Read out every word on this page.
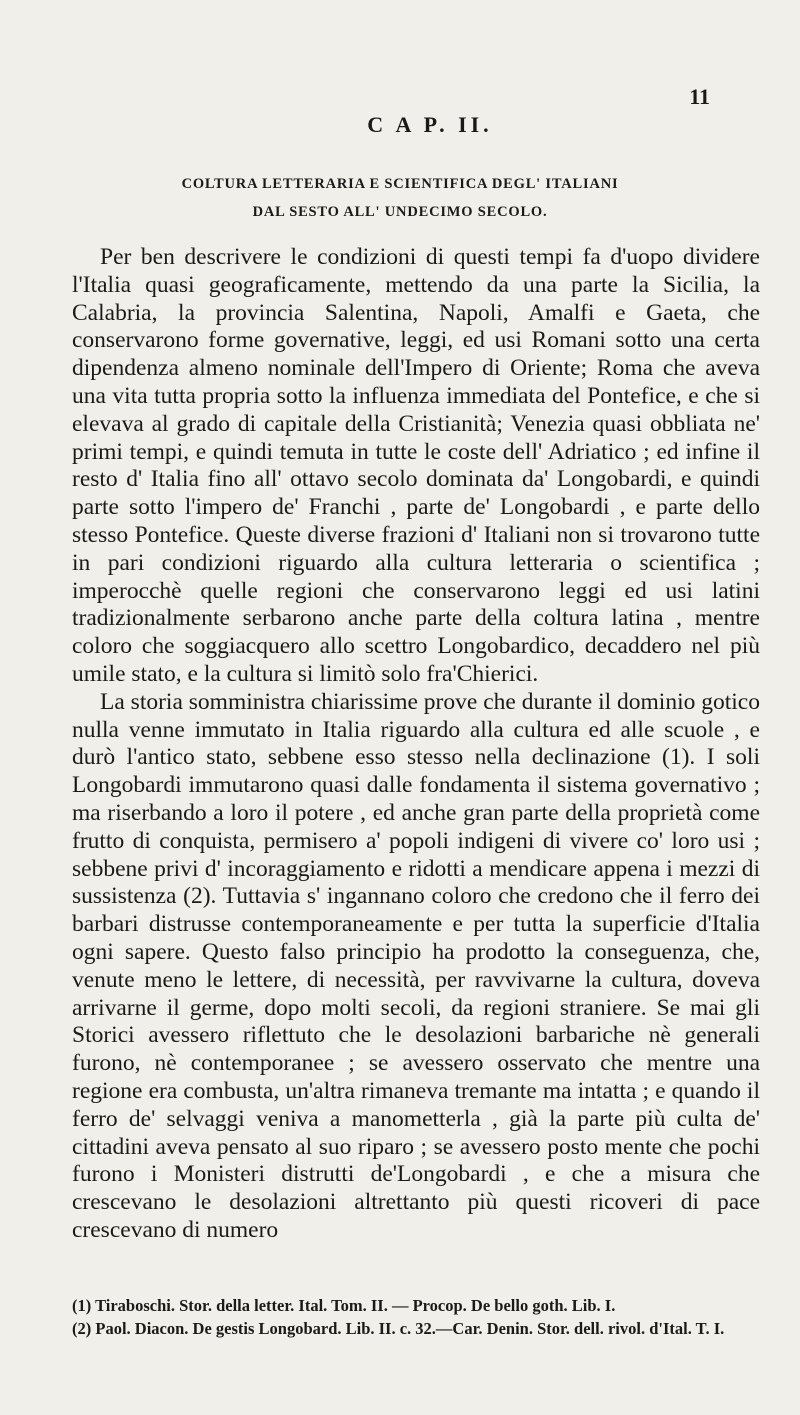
11
C A P. II.
COLTURA LETTERARIA E SCIENTIFICA DEGL' ITALIANI
DAL SESTO ALL' UNDECIMO SECOLO.

Per ben descrivere le condizioni di questi tempi fa d'uopo dividere l'Italia quasi geograficamente, mettendo da una parte la Sicilia, la Calabria, la provincia Salentina, Napoli, Amalfi e Gaeta, che conservarono forme governative, leggi, ed usi Romani sotto una certa dipendenza almeno nominale dell'Impero di Oriente; Roma che aveva una vita tutta propria sotto la influenza immediata del Pontefice, e che si elevava al grado di capitale della Cristianità; Venezia quasi obbliata ne' primi tempi, e quindi temuta in tutte le coste dell' Adriatico ; ed infine il resto d' Italia fino all' ottavo secolo dominata da' Longobardi, e quindi parte sotto l'impero de' Franchi , parte de' Longobardi , e parte dello stesso Pontefice. Queste diverse frazioni d' Italiani non si trovarono tutte in pari condizioni riguardo alla cultura letteraria o scientifica ; imperocchè quelle regioni che conservarono leggi ed usi latini tradizionalmente serbarono anche parte della coltura latina , mentre coloro che soggiacquero allo scettro Longobardico, decaddero nel più umile stato, e la cultura si limitò solo fra'Chierici.

La storia somministra chiarissime prove che durante il dominio gotico nulla venne immutato in Italia riguardo alla cultura ed alle scuole , e durò l'antico stato, sebbene esso stesso nella declinazione (1). I soli Longobardi immutarono quasi dalle fondamenta il sistema governativo ; ma riserbando a loro il potere , ed anche gran parte della proprietà come frutto di conquista, permisero a' popoli indigeni di vivere co' loro usi ; sebbene privi d' incoraggiamento e ridotti a mendicare appena i mezzi di sussistenza (2). Tuttavia s' ingannano coloro che credono che il ferro dei barbari distrusse contemporaneamente e per tutta la superficie d'Italia ogni sapere. Questo falso principio ha prodotto la conseguenza, che, venute meno le lettere, di necessità, per ravvivarne la cultura, doveva arrivarne il germe, dopo molti secoli, da regioni straniere. Se mai gli Storici avessero riflettuto che le desolazioni barbariche nè generali furono, nè contemporanee ; se avessero osservato che mentre una regione era combusta, un'altra rimaneva tremante ma intatta ; e quando il ferro de' selvaggi veniva a manometterla , già la parte più culta de' cittadini aveva pensato al suo riparo ; se avessero posto mente che pochi furono i Monisteri distrutti de'Longobardi , e che a misura che crescevano le desolazioni altrettanto più questi ricoveri di pace crescevano di numero

(1) Tiraboschi. Stor. della letter. Ital. Tom. II. — Procop. De bello goth. Lib. I.

(2) Paol. Diacon. De gestis Longobard. Lib. II. c. 32.—Car. Denin. Stor. dell. rivol. d'Ital. T. I.
